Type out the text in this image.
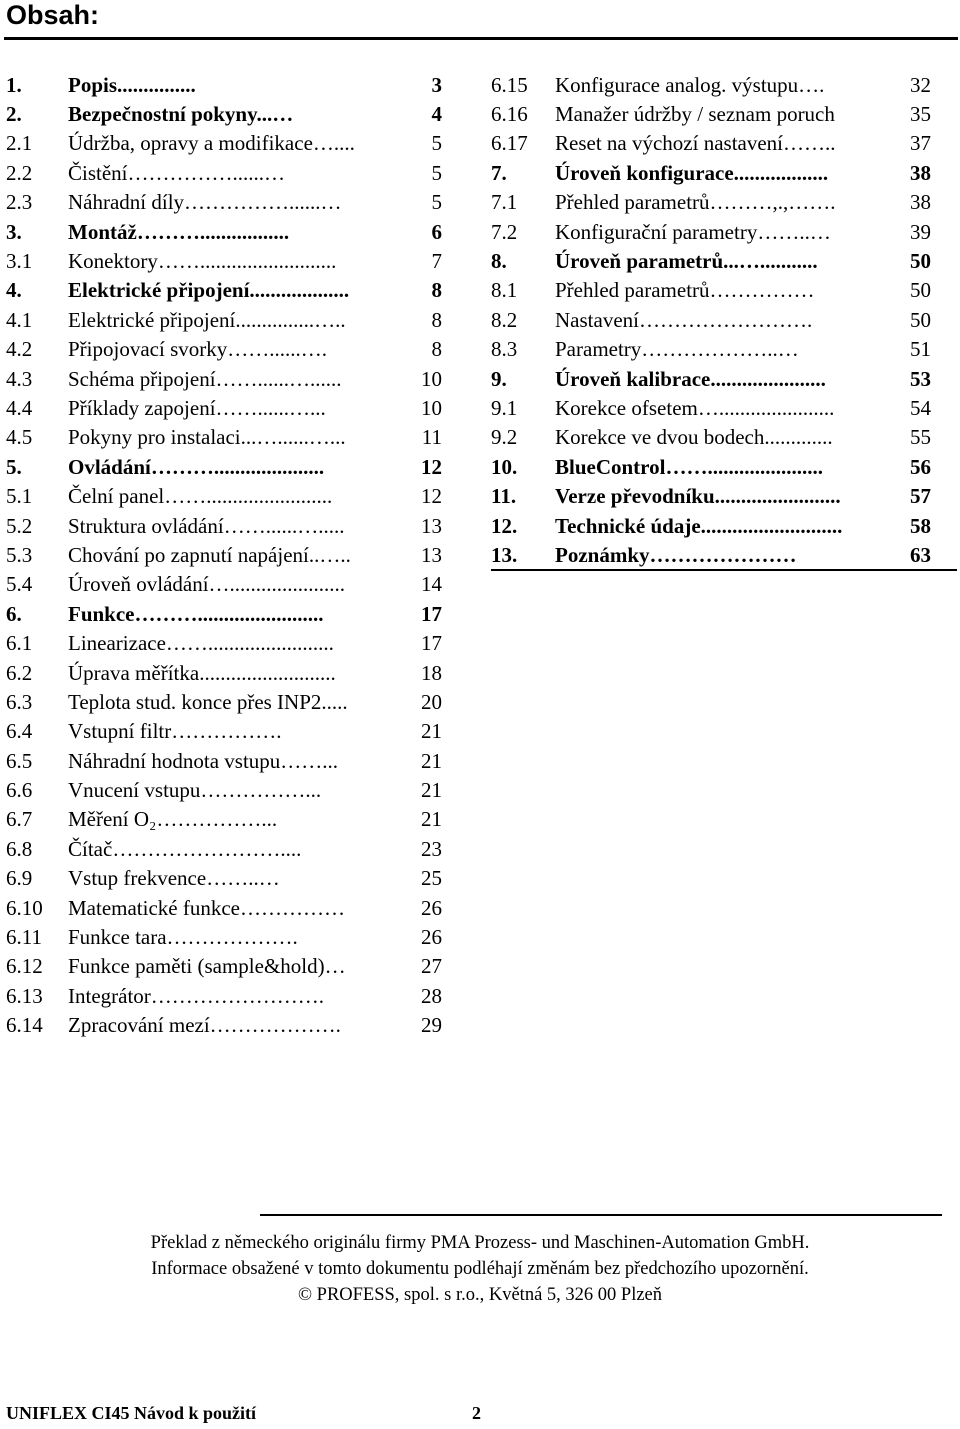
Obsah:
1.	Popis...............	3
2.	Bezpečnostní pokyny...…	4
2.1	Údržba, opravy a modifikace…....	5
2.2	Čistění……………......…	5
2.3	Náhradní díly……………......…	5
3.	Montáž……….................	6
3.1	Konektory……..........................	7
4.	Elektrické připojení...................	8
4.1	Elektrické připojení...............…..	8
4.2	Připojovací svorky……......….	8
4.3	Schéma připojení……......…......	10
4.4	Příklady zapojení……......…...	10
4.5	Pokyny pro instalaci...…......…...	11
5.	Ovládání……….....................	12
5.1	Čelní panel……........................	12
5.2	Struktura ovládání……......….....	13
5.3	Chování po zapnutí napájení..…..	13
5.4	Úroveň ovládání…......................	14
6.	Funkce………........................	17
6.1	Linearizace……........................	17
6.2	Úprava měřítka..........................	18
6.3	Teplota stud. konce přes INP2.....	20
6.4	Vstupní filtr…………….	21
6.5	Náhradní hodnota vstupu……...	21
6.6	Vnucení vstupu……………...	21
6.7	Měření O₂……………...	21
6.8	Čítač……………………....	23
6.9	Vstup frekvence……..…	25
6.10	Matematické funkce……………	26
6.11	Funkce tara……………….	26
6.12	Funkce paměti (sample&hold)…	27
6.13	Integrátor…………………….	28
6.14	Zpracování mezí……………….	29
6.15	Konfigurace analog. výstupu….	32
6.16	Manažer údržby / seznam poruch	35
6.17	Reset na výchozí nastavení……..	37
7.	Úroveň konfigurace..................	38
7.1	Přehled parametrů………,.,…….	38
7.2	Konfigurační parametry……..…	39
8.	Úroveň parametrů...…...........	50
8.1	Přehled parametrů……………	50
8.2	Nastavení…………………….	50
8.3	Parametry………………..…	51
9.	Úroveň kalibrace......................	53
9.1	Korekce ofsetem…......................	54
9.2	Korekce ve dvou bodech.............	55
10.	BlueControl……......................	56
11.	Verze převodníku........................	57
12.	Technické údaje...........................	58
13.	Poznámky…………………	63
Překlad z německého originálu firmy PMA Prozess- und Maschinen-Automation GmbH.
Informace obsažené v tomto dokumentu podléhají změnám bez předchozího upozornění.
© PROFESS, spol. s r.o., Květná 5, 326 00 Plzeň
UNIFLEX CI45 Návod k použití	2
